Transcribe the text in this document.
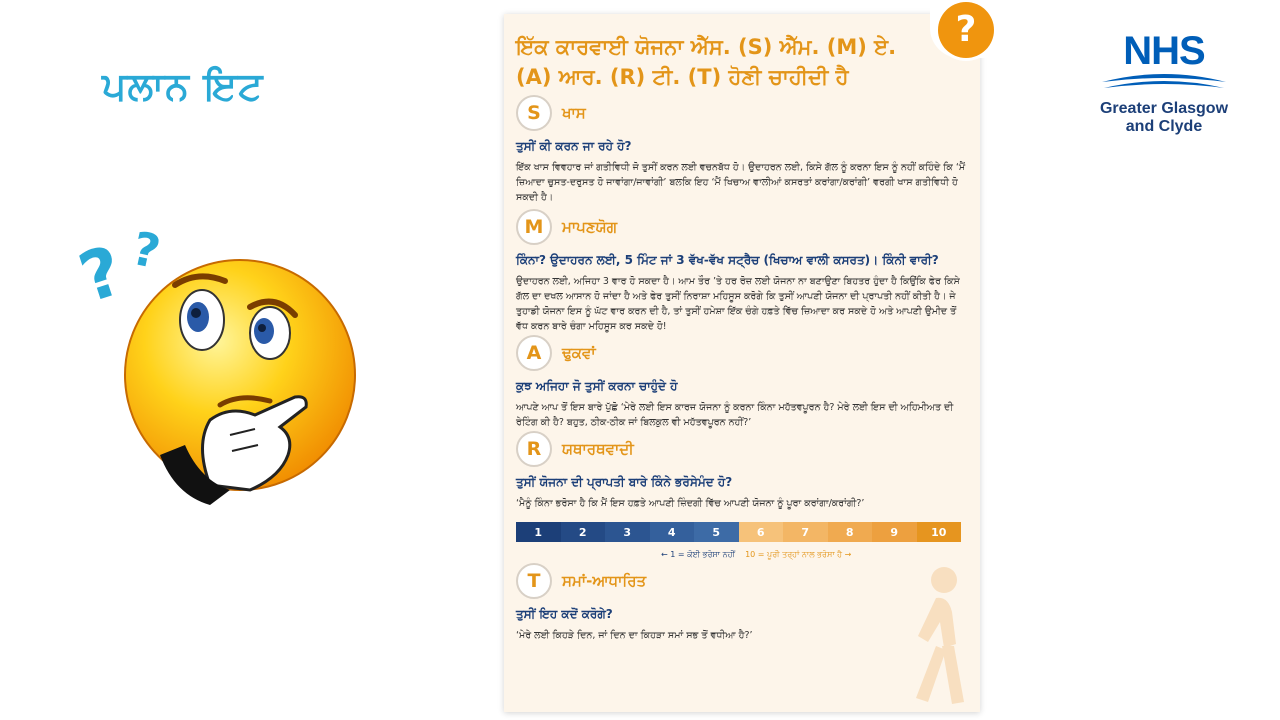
ਪਲਾਨ ਇਟ
?
?
ਇੱਕ ਕਾਰਵਾਈ ਯੋਜਨਾ ਐੱਸ. (S) ਐੱਮ. (M) ਏ. (A) ਆਰ. (R) ਟੀ. (T) ਹੋਣੀ ਚਾਹੀਦੀ ਹੈ
S	ਖਾਸ
ਤੁਸੀਂ ਕੀ ਕਰਨ ਜਾ ਰਹੇ ਹੋ?
ਇੱਕ ਖਾਸ ਵਿਵਹਾਰ ਜਾਂ ਗਤੀਵਿਧੀ ਜੋ ਤੁਸੀਂ ਕਰਨ ਲਈ ਵਚਨਬੱਧ ਹੋ। ਉਦਾਹਰਨ ਲਈ, ਕਿਸੇ ਗੱਲ ਨੂੰ ਕਰਨਾ ਇਸ ਨੂੰ ਨਹੀਂ ਕਹਿੰਦੇ ਕਿ ‘ਮੈਂ ਜ਼ਿਆਦਾ ਚੁਸਤ-ਦਰੁਸਤ ਹੋ ਜਾਵਾਂਗਾ/ਜਾਵਾਂਗੀ’ ਬਲਕਿ ਇਹ ‘ਮੈਂ ਖਿਚਾਅ ਵਾਲੀਆਂ ਕਸਰਤਾਂ ਕਰਾਂਗਾ/ਕਰਾਂਗੀ’ ਵਰਗੀ ਖਾਸ ਗਤੀਵਿਧੀ ਹੋ ਸਕਦੀ ਹੈ।
M	ਮਾਪਣਯੋਗ
ਕਿੰਨਾ? ਉਦਾਹਰਨ ਲਈ, 5 ਮਿੰਟ ਜਾਂ 3 ਵੱਖ-ਵੱਖ ਸਟ੍ਰੈਚ (ਖਿਚਾਅ ਵਾਲੀ ਕਸਰਤ)। ਕਿੰਨੀ ਵਾਰੀ?
ਉਦਾਹਰਨ ਲਈ, ਅਜਿਹਾ 3 ਵਾਰ ਹੋ ਸਕਦਾ ਹੈ। ਆਮ ਤੌਰ ’ਤੇ ਹਰ ਰੋਜ਼ ਲਈ ਯੋਜਨਾ ਨਾ ਬਣਾਉਣਾ ਬਿਹਤਰ ਹੁੰਦਾ ਹੈ ਕਿਉਂਕਿ ਫੇਰ ਕਿਸੇ ਗੱਲ ਦਾ ਦਖਲ ਆਸਾਨ ਹੋ ਜਾਂਦਾ ਹੈ ਅਤੇ ਫੇਰ ਤੁਸੀਂ ਨਿਰਾਸ਼ਾ ਮਹਿਸੂਸ ਕਰੋਗੇ ਕਿ ਤੁਸੀਂ ਆਪਣੀ ਯੋਜਨਾ ਦੀ ਪ੍ਰਾਪਤੀ ਨਹੀਂ ਕੀਤੀ ਹੈ। ਜੇ ਤੁਹਾਡੀ ਯੋਜਨਾ ਇਸ ਨੂੰ ਘੱਟ ਵਾਰ ਕਰਨ ਦੀ ਹੈ, ਤਾਂ ਤੁਸੀਂ ਹਮੇਸ਼ਾ ਇੱਕ ਚੰਗੇ ਹਫ਼ਤੇ ਵਿੱਚ ਜ਼ਿਆਦਾ ਕਰ ਸਕਦੇ ਹੋ ਅਤੇ ਆਪਣੀ ਉਮੀਦ ਤੋਂ ਵੱਧ ਕਰਨ ਬਾਰੇ ਚੰਗਾ ਮਹਿਸੂਸ ਕਰ ਸਕਦੇ ਹੋ!
A	ਢੁਕਵਾਂ
ਕੁਝ ਅਜਿਹਾ ਜੋ ਤੁਸੀਂ ਕਰਨਾ ਚਾਹੁੰਦੇ ਹੋ
ਆਪਣੇ ਆਪ ਤੋਂ ਇਸ ਬਾਰੇ ਪੁੱਛੋ ‘ਮੇਰੇ ਲਈ ਇਸ ਕਾਰਜ ਯੋਜਨਾ ਨੂੰ ਕਰਨਾ ਕਿੰਨਾ ਮਹੱਤਵਪੂਰਨ ਹੈ? ਮੇਰੇ ਲਈ ਇਸ ਦੀ ਅਹਿਮੀਅਤ ਦੀ ਰੇਟਿੰਗ ਕੀ ਹੈ? ਬਹੁਤ, ਠੀਕ-ਠੀਕ ਜਾਂ ਬਿਲਕੁਲ ਵੀ ਮਹੱਤਵਪੂਰਨ ਨਹੀਂ?’
R	ਯਥਾਰਥਵਾਦੀ
ਤੁਸੀਂ ਯੋਜਨਾ ਦੀ ਪ੍ਰਾਪਤੀ ਬਾਰੇ ਕਿੰਨੇ ਭਰੋਸੇਮੰਦ ਹੋ?
‘ਮੈਨੂੰ ਕਿੰਨਾ ਭਰੋਸਾ ਹੈ ਕਿ ਮੈਂ ਇਸ ਹਫ਼ਤੇ ਆਪਣੀ ਜ਼ਿੰਦਗੀ ਵਿੱਚ ਆਪਣੀ ਯੋਜਨਾ ਨੂੰ ਪੂਰਾ ਕਰਾਂਗਾ/ਕਰਾਂਗੀ?’
1	2	3	4	5	6	7	8	9	10
← 1 = ਕੋਈ ਭਰੋਸਾ ਨਹੀਂ 10 = ਪੂਰੀ ਤਰ੍ਹਾਂ ਨਾਲ ਭਰੋਸਾ ਹੈ →
T	ਸਮਾਂ-ਆਧਾਰਿਤ
ਤੁਸੀਂ ਇਹ ਕਦੋਂ ਕਰੋਗੇ?
‘ਮੇਰੇ ਲਈ ਕਿਹੜੇ ਦਿਨ, ਜਾਂ ਦਿਨ ਦਾ ਕਿਹੜਾ ਸਮਾਂ ਸਭ ਤੋਂ ਵਧੀਆ ਹੈ?’
?	NHS
Greater Glasgow
and Clyde
